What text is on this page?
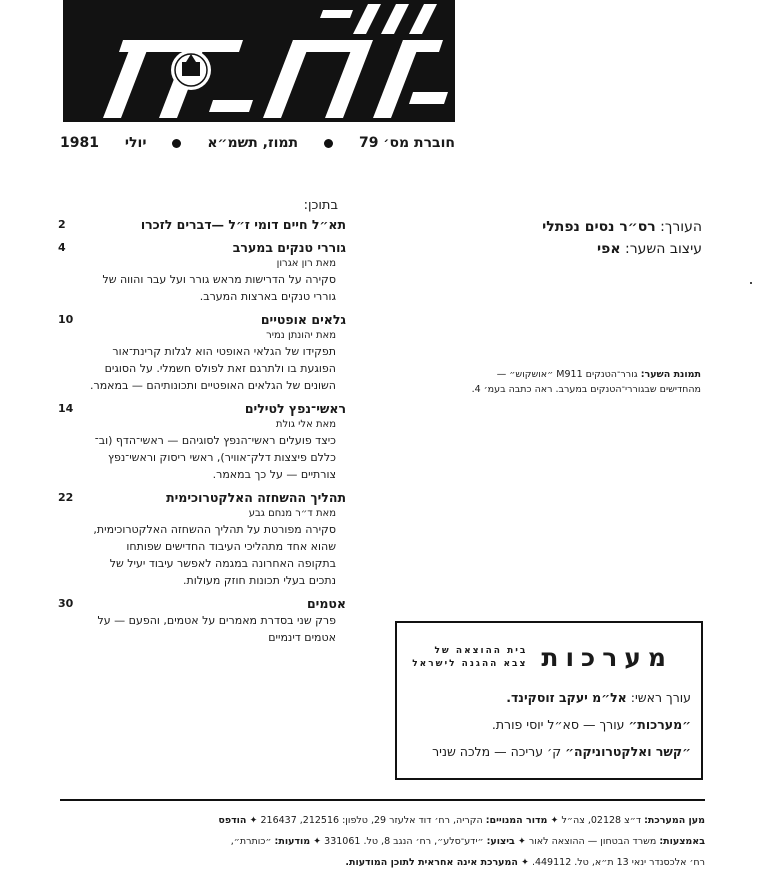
חוברת מס׳ 79
תמוז, תשמ״א
יולי
1981
בתוכן:
תא״ל חיים דומי ז״ל —דברים לזכרו
2
גוררי טנקים במערב
4
מאת רון אגרון
סקירה על הדרישות מראש גורר ועל עבר והווה של
גוררי טנקים בארצות המערב.
גלאים אופטיים
10
מאת יהונתן נמיר
תפקידו של הגלאי האופטי הוא לגלות קרינת־אור
הפוגעת בו ולתרגם זאת לפולס חשמלי. על הסוגים
השונים של הגלאים האופטיים ותכונותיהם — במאמר.
ראשי־נפץ לטילים
14
מאת אלי גולת
כיצד פועלים ראשי־הנפץ לסוגיהם — ראשי־הדף (וב־
כללם פיצצות דלק־אוויר), ראשי ריסוק וראשי־נפץ
צורתיים — על כך במאמר.
תהליך ההשחזה האלקטרוכימית
22
מאת ד״ר מנחם גבע
סקירה מפורטת על תהליך ההשחזה האלקטרוכימית,
שהוא אחד מתהליכי העיבוד החדישים שפותחו
בתקופה האחרונה במגמה לאפשר עיבוד יעיל של
נתכים בעלי תכונות חוזק מעולות.
אטמים
30
פרק שני בסדרת מאמרים על אטמים, והפעם — על
אטמים דינמיים
העורך: רס״ר נסים נפתלי
עיצוב השער: אפי
תמונת השער: גורר־הטנקים M911 ״אושקוש״ —
מהחדישים שבגוררי־הטנקים במערב. ראה כתבה בעמ׳ 4.
מערכות
בית ההוצאה של
צבא ההגנה לישראל
עורך ראשי: אל״מ יעקב זוסקינד.
״מערכות״ עורך — סא״ל יוסי פורת.
״קשר ואלקטרוניקה״ ק׳ עריכה — מלכה שניר
מען המערכת: ד״צ 02128, צה״ל ✦ מדור המנויים: הקריה, רח׳ דוד אלעזר 29, טלפון: 212516, 216437 ✦ הודפס
באמצעות: משרד הבטחון — ההוצאה לאור ✦ ביצוע: ״ידע־סלע״, רח׳ הנגב 8, טל. 331061 ✦ מודעות: ״כותרת״,
רח׳ אלכסנדר ינאי 13 ת״א, טל. 449112. ✦ המערכת אינה אחראית לתוכן המודעות.
